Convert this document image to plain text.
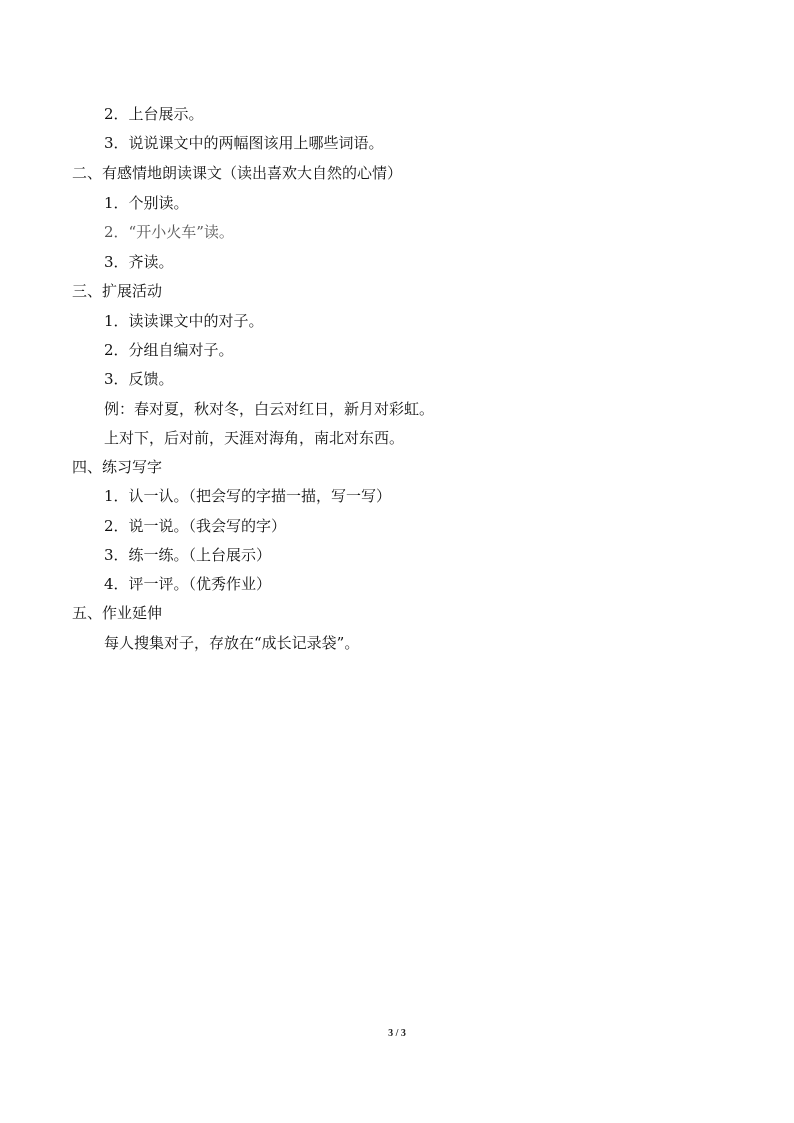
2．上台展示。
3．说说课文中的两幅图该用上哪些词语。
二、有感情地朗读课文（读出喜欢大自然的心情）
1．个别读。
2．“开小火车”读。
3．齐读。
三、扩展活动
1．读读课文中的对子。
2．分组自编对子。
3．反馈。
例：春对夏，秋对冬，白云对红日，新月对彩虹。
上对下，后对前，天涯对海角，南北对东西。
四、练习写字
1．认一认。（把会写的字描一描，写一写）
2．说一说。（我会写的字）
3．练一练。（上台展示）
4．评一评。（优秀作业）
五、作业延伸
每人搜集对子，存放在“成长记录袋”。
3 / 3
